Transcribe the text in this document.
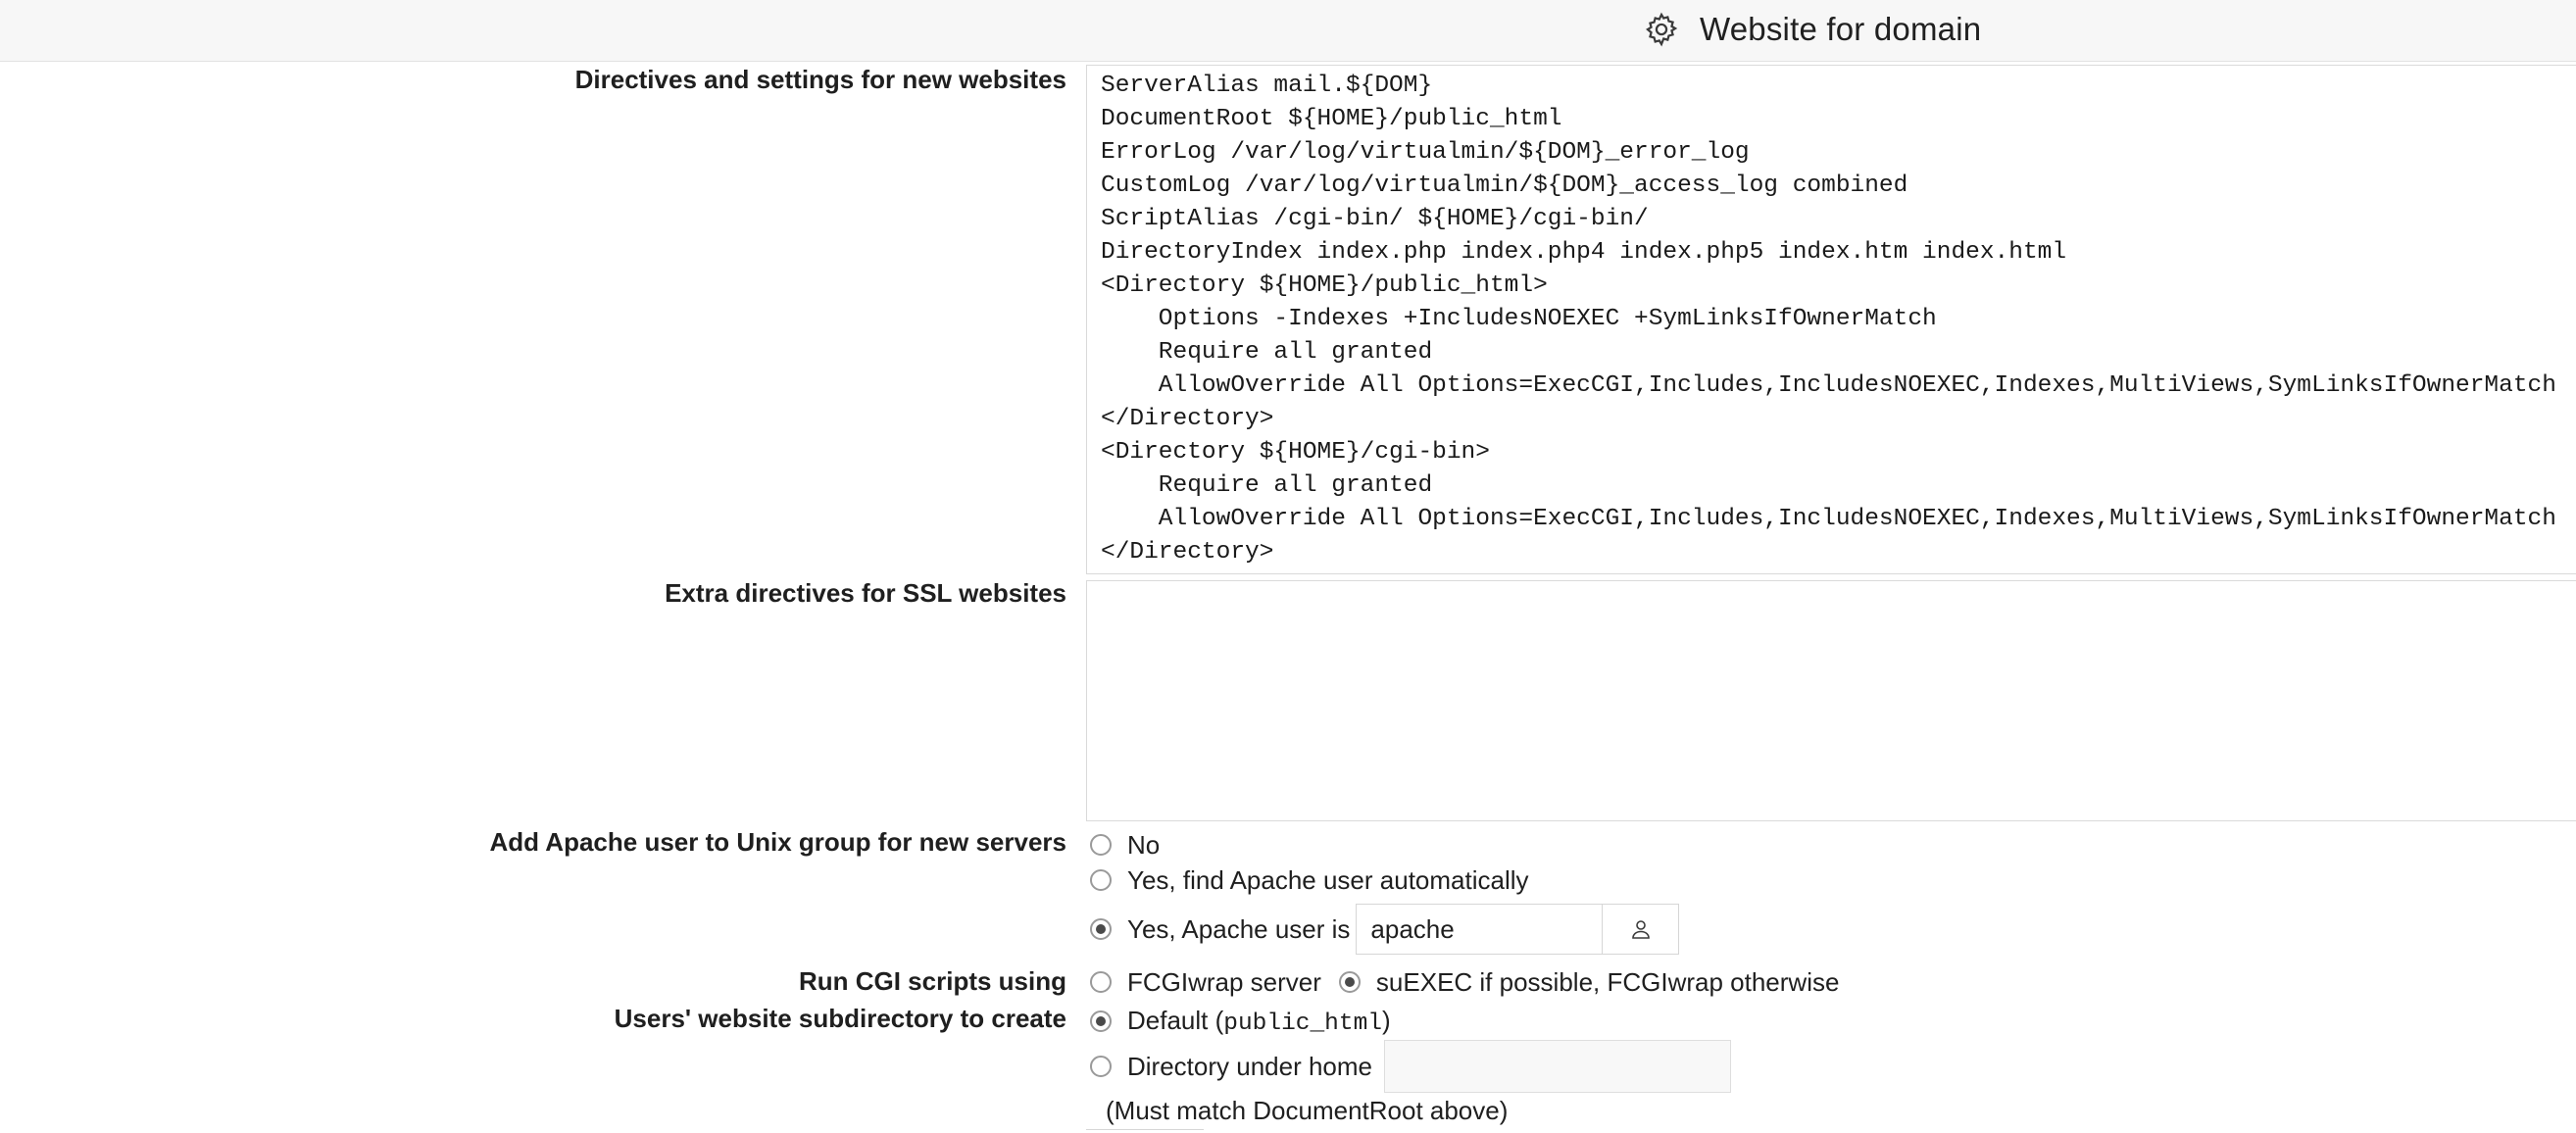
Website for domain
Directives and settings for new websites ServerAlias mail.${DOM}
DocumentRoot ${HOME}/public_html
ErrorLog /var/log/virtualmin/${DOM}_error_log
CustomLog /var/log/virtualmin/${DOM}_access_log combined
ScriptAlias /cgi-bin/ ${HOME}/cgi-bin/
DirectoryIndex index.php index.php4 index.php5 index.htm index.html
<Directory ${HOME}/public_html>
Options -Indexes +IncludesNOEXEC +SymLinksIfOwnerMatch
Require all granted
AllowOverride All Options=ExecCGI,Includes,IncludesNOEXEC,Indexes,MultiViews,SymLinksIfOwnerMatch
</Directory>
<Directory ${HOME}/cgi-bin>
Require all granted
AllowOverride All Options=ExecCGI,Includes,IncludesNOEXEC,Indexes,MultiViews,SymLinksIfOwnerMatch
</Directory>
Extra directives for SSL websites
Add Apache user to Unix group for new servers No
Yes, find Apache user automatically
Yes, Apache user is apache
Run CGI scripts using FCGIwrap server suEXEC if possible, FCGIwrap otherwise
Users' website subdirectory to create Default (public_html)
Directory under home
(Must match DocumentRoot above)
